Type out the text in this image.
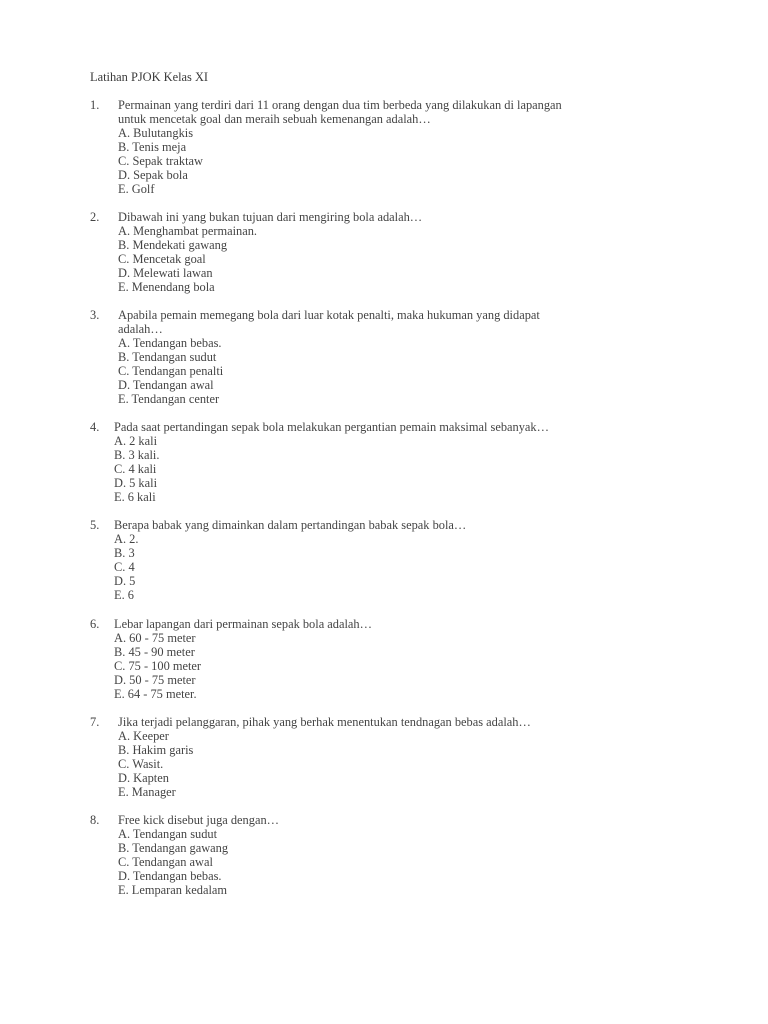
Latihan PJOK Kelas XI
1. Permainan yang terdiri dari 11 orang dengan dua tim berbeda yang dilakukan di lapangan
untuk mencetak goal dan meraih sebuah kemenangan adalah…
A. Bulutangkis
B. Tenis meja
C. Sepak traktaw
D. Sepak bola
E. Golf
2. Dibawah ini yang bukan tujuan dari mengiring bola adalah…
A. Menghambat permainan.
B. Mendekati gawang
C. Mencetak goal
D. Melewati lawan
E. Menendang bola
3. Apabila pemain memegang bola dari luar kotak penalti, maka hukuman yang didapat
adalah…
A. Tendangan bebas.
B. Tendangan sudut
C. Tendangan penalti
D. Tendangan awal
E. Tendangan center
4. Pada saat pertandingan sepak bola melakukan pergantian pemain maksimal sebanyak…
A. 2 kali
B. 3 kali.
C. 4 kali
D. 5 kali
E. 6 kali
5. Berapa babak yang dimainkan dalam pertandingan babak sepak bola…
A. 2.
B. 3
C. 4
D. 5
E. 6
6. Lebar lapangan dari permainan sepak bola adalah…
A. 60 - 75 meter
B. 45 - 90 meter
C. 75 - 100 meter
D. 50 - 75 meter
E. 64 - 75 meter.
7. Jika terjadi pelanggaran, pihak yang berhak menentukan tendnagan bebas adalah…
A. Keeper
B. Hakim garis
C. Wasit.
D. Kapten
E. Manager
8. Free kick disebut juga dengan…
A. Tendangan sudut
B. Tendangan gawang
C. Tendangan awal
D. Tendangan bebas.
E. Lemparan kedalam
